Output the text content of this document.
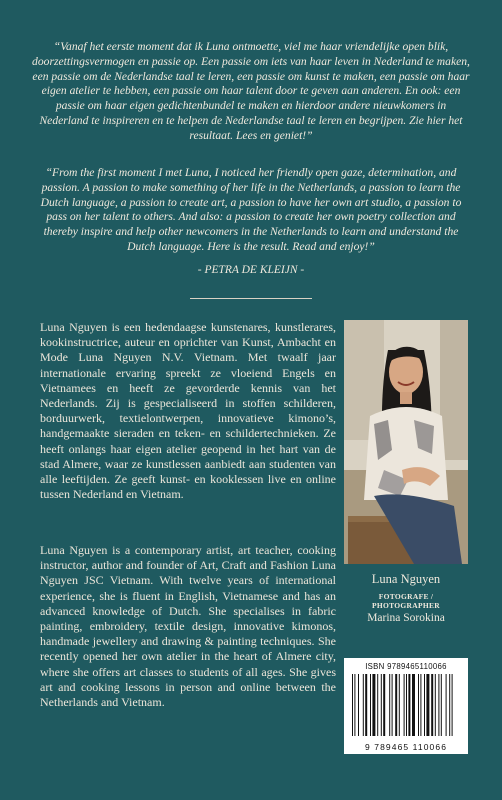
“Vanaf het eerste moment dat ik Luna ontmoette, viel me haar vriendelijke open blik, doorzettingsvermogen en passie op. Een passie om iets van haar leven in Nederland te maken, een passie om de Nederlandse taal te leren, een passie om kunst te maken, een passie om haar eigen atelier te hebben, een passie om haar talent door te geven aan anderen. En ook: een passie om haar eigen gedichtenbundel te maken en hierdoor andere nieuwkomers in Nederland te inspireren en te helpen de Nederlandse taal te leren en begrijpen. Zie hier het resultaat. Lees en geniet!”
“From the first moment I met Luna, I noticed her friendly open gaze, determination, and passion. A passion to make something of her life in the Netherlands, a passion to learn the Dutch language, a passion to create art, a passion to have her own art studio, a passion to pass on her talent to others. And also: a passion to create her own poetry collection and thereby inspire and help other newcomers in the Netherlands to learn and understand the Dutch language. Here is the result. Read and enjoy!”
- PETRA DE KLEIJN -
Luna Nguyen is een hedendaagse kunstenares, kunstlerares, kookinstructrice, auteur en oprichter van Kunst, Ambacht en Mode Luna Nguyen N.V. Vietnam. Met twaalf jaar internationale ervaring spreekt ze vloeiend Engels en Vietnamees en heeft ze gevorderde kennis van het Nederlands. Zij is gespecialiseerd in stoffen schilderen, borduurwerk, textielontwerpen, innovatieve kimono’s, handgemaakte sieraden en teken- en schildertechnieken. Ze heeft onlangs haar eigen atelier geopend in het hart van de stad Almere, waar ze kunstlessen aanbiedt aan studenten van alle leeftijden. Ze geeft kunst- en kooklessen live en online tussen Nederland en Vietnam.
Luna Nguyen is a contemporary artist, art teacher, cooking instructor, author and founder of Art, Craft and Fashion Luna Nguyen JSC Vietnam. With twelve years of international experience, she is fluent in English, Vietnamese and has an advanced knowledge of Dutch. She specialises in fabric painting, embroidery, textile design, innovative kimonos, handmade jewellery and drawing & painting techniques. She recently opened her own atelier in the heart of Almere city, where she offers art classes to students of all ages. She gives art and cooking lessons in person and online between the Netherlands and Vietnam.
Luna Nguyen
FOTOGRAFE / PHOTOGRAPHER
Marina Sorokina
ISBN 9789465110066
9 789465 110066
